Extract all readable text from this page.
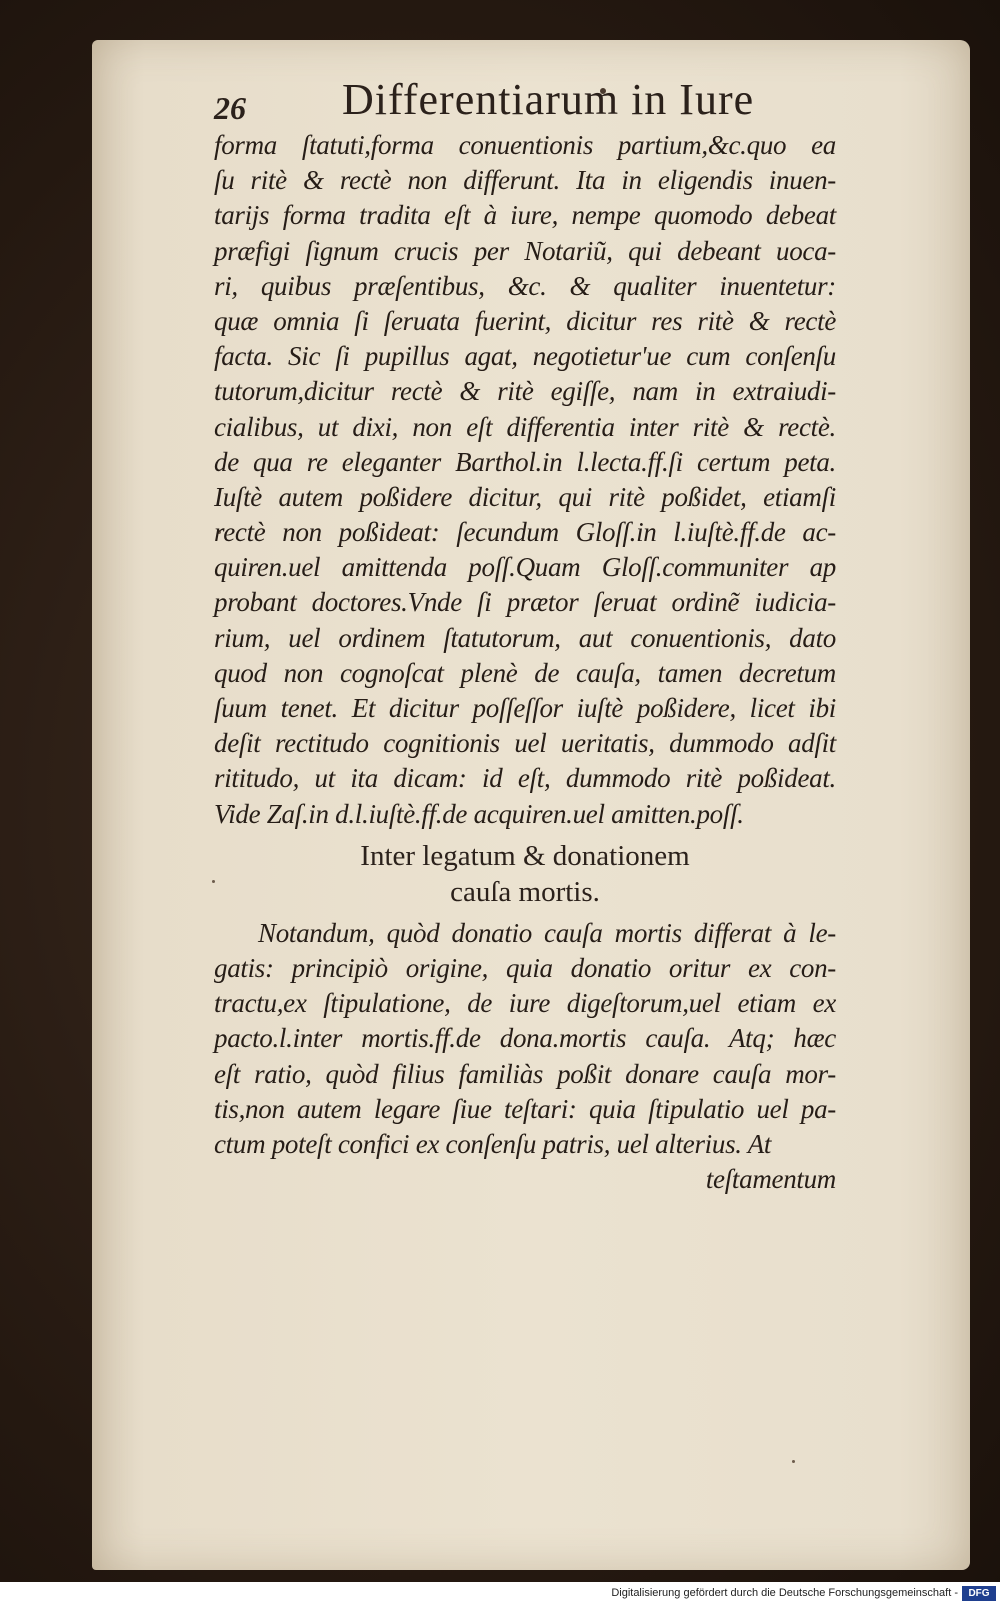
26 Differentiarum in Iure
forma ſtatuti,forma conuentionis partium,&c.quo ea
ſu ritè & rectè non differunt. Ita in eligendis inuen-
tarijs forma tradita eſt à iure, nempe quomodo debeat
præfigi ſignum crucis per Notariũ, qui debeant uoca-
ri, quibus præſentibus, &c. & qualiter inuentetur:
quæ omnia ſi ſeruata fuerint, dicitur res ritè & rectè
facta. Sic ſi pupillus agat, negotietur'ue cum conſenſu
tutorum,dicitur rectè & ritè egiſſe, nam in extraiudi-
cialibus, ut dixi, non eſt differentia inter ritè & rectè.
de qua re eleganter Barthol.in l.lecta.ff.ſi certum peta.
Iuſtè autem poßidere dicitur, qui ritè poßidet, etiamſi
rectè non poßideat: ſecundum Gloſſ.in l.iuſtè.ff.de ac-
quiren.uel amittenda poſſ.Quam Gloſſ.communiter ap
probant doctores.Vnde ſi prætor ſeruat ordinẽ iudicia-
rium, uel ordinem ſtatutorum, aut conuentionis, dato
quod non cognoſcat plenè de cauſa, tamen decretum
ſuum tenet. Et dicitur poſſeſſor iuſtè poßidere, licet ibi
deſit rectitudo cognitionis uel ueritatis, dummodo adſit
rititudo, ut ita dicam: id eſt, dummodo ritè poßideat.
Vide Zaſ.in d.l.iuſtè.ff.de acquiren.uel amitten.poſſ.
Inter legatum & donationem
cauſa mortis.
Notandum, quòd donatio cauſa mortis differat à le-
gatis: principiò origine, quia donatio oritur ex con-
tractu,ex ſtipulatione, de iure digeſtorum,uel etiam ex
pacto.l.inter mortis.ff.de dona.mortis cauſa. Atq; hæc
eſt ratio, quòd filius familiàs poßit donare cauſa mor-
tis,non autem legare ſiue teſtari: quia ſtipulatio uel pa-
ctum poteſt confici ex conſenſu patris, uel alterius. At
teſtamentum
Digitalisierung gefördert durch die Deutsche Forschungsgemeinschaft -	DFG
